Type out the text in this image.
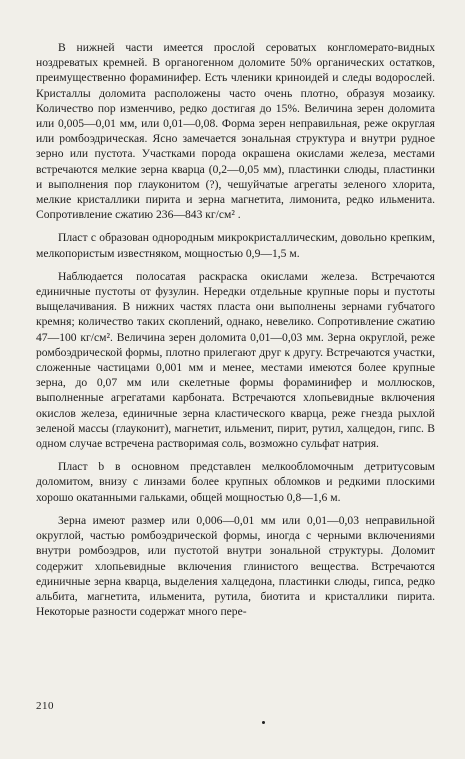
В нижней части имеется прослой сероватых конгломерато-видных ноздреватых кремней. В органогенном доломите 50% органических остатков, преимущественно фораминифер. Есть членики криноидей и следы водорослей. Кристаллы доломита расположены часто очень плотно, образуя мозаику. Количество пор изменчиво, редко достигая до 15%. Величина зерен доломита или 0,005—0,01 мм, или 0,01—0,08. Форма зерен неправильная, реже округлая или ромбоэдрическая. Ясно замечается зональная структура и внутри рудное зерно или пустота. Участками порода окрашена окислами железа, местами встречаются мелкие зерна кварца (0,2—0,05 мм), пластинки слюды, пластинки и выполнения пор глауконитом (?), чешуйчатые агрегаты зеленого хлорита, мелкие кристаллики пирита и зерна магнетита, лимонита, редко ильменита. Сопротивление сжатию 236—843 кг/см² .

Пласт с образован однородным микрокристаллическим, довольно крепким, мелкопористым известняком, мощностью 0,9—1,5 м.

Наблюдается полосатая раскраска окислами железа. Встречаются единичные пустоты от фузулин. Нередки отдельные крупные поры и пустоты выщелачивания. В нижних частях пласта они выполнены зернами губчатого кремня; количество таких скоплений, однако, невелико. Сопротивление сжатию 47—100 кг/см². Величина зерен доломита 0,01—0,03 мм. Зерна округлой, реже ромбоэдрической формы, плотно прилегают друг к другу. Встречаются участки, сложенные частицами 0,001 мм и менее, местами имеются более крупные зерна, до 0,07 мм или скелетные формы фораминифер и моллюсков, выполненные агрегатами карбоната. Встречаются хлопьевидные включения окислов железа, единичные зерна кластического кварца, реже гнезда рыхлой зеленой массы (глауконит), магнетит, ильменит, пирит, рутил, халцедон, гипс. В одном случае встречена растворимая соль, возможно сульфат натрия.

Пласт b в основном представлен мелкообломочным детритусовым доломитом, внизу с линзами более крупных обломков и редкими плоскими хорошо окатанными гальками, общей мощностью 0,8—1,6 м.

Зерна имеют размер или 0,006—0,01 мм или 0,01—0,03 неправильной округлой, частью ромбоэдрической формы, иногда с черными включениями внутри ромбоэдров, или пустотой внутри зональной структуры. Доломит содержит хлопьевидные включения глинистого вещества. Встречаются единичные зерна кварца, выделения халцедона, пластинки слюды, гипса, редко альбита, магнетита, ильменита, рутила, биотита и кристаллики пирита. Некоторые разности содержат много пере-

210
